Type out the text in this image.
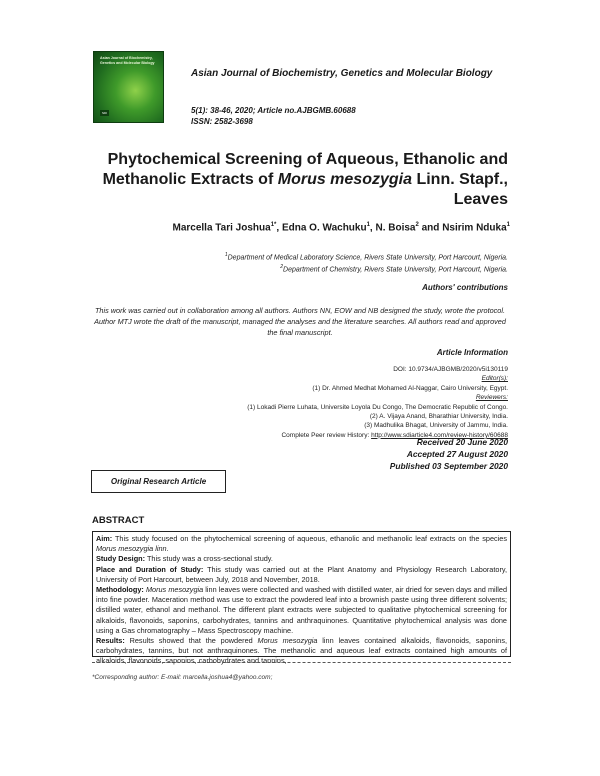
Asian Journal of Biochemistry, Genetics and Molecular Biology
SDI
Asian Journal of Biochemistry, Genetics and Molecular Biology
5(1): 38-46, 2020; Article no.AJBGMB.60688
ISSN: 2582-3698
Phytochemical Screening of Aqueous, Ethanolic and Methanolic Extracts of Morus mesozygia Linn. Stapf., Leaves
Marcella Tari Joshua$^{1*}$, Edna O. Wachuku$^1$, N. Boisa$^2$ and Nsirim Nduka$^1$
$^1$Department of Medical Laboratory Science, Rivers State University, Port Harcourt, Nigeria.
$^2$Department of Chemistry, Rivers State University, Port Harcourt, Nigeria.
Authors' contributions
This work was carried out in collaboration among all authors. Authors NN, EOW and NB designed the study, wrote the protocol. Author MTJ wrote the draft of the manuscript, managed the analyses and the literature searches. All authors read and approved the final manuscript.
Article Information
DOI: 10.9734/AJBGMB/2020/v5i130119
Editor(s):
(1) Dr. Ahmed Medhat Mohamed Al-Naggar, Cairo University, Egypt.
Reviewers:
(1) Lokadi Pierre Luhata, Universite Loyola Du Congo, The Democratic Republic of Congo.
(2) A. Vijaya Anand, Bharathiar University, India.
(3) Madhulika Bhagat, University of Jammu, India.
Complete Peer review History: http://www.sdiarticle4.com/review-history/60688
Received 20 June 2020
Accepted 27 August 2020
Published 03 September 2020
Original Research Article
ABSTRACT

Aim: This study focused on the phytochemical screening of aqueous, ethanolic and methanolic leaf extracts on the species Morus mesozygia linn.

Study Design: This study was a cross-sectional study.

Place and Duration of Study: This study was carried out at the Plant Anatomy and Physiology Research Laboratory, University of Port Harcourt, between July, 2018 and November, 2018.

Methodology: Morus mesozygia linn leaves were collected and washed with distilled water, air dried for seven days and milled into fine powder. Maceration method was use to extract the powdered leaf into a brownish paste using three different solvents; distilled water, ethanol and methanol. The different plant extracts were subjected to qualitative phytochemical screening for alkaloids, flavonoids, saponins, carbohydrates, tannins and anthraquinones. Quantitative phytochemical analysis was done using a Gas chromatography – Mass Spectroscopy machine.

Results: Results showed that the powdered Morus mesozygia linn leaves contained alkaloids, flavonoids, saponins, carbohydrates, tannins, but not anthraquinones. The methanolic and aqueous leaf extracts contained high amounts of alkaloids, flavonoids, saponins, carbohydrates and tannins,

*Corresponding author: E-mail: marcella.joshua4@yahoo.com;
